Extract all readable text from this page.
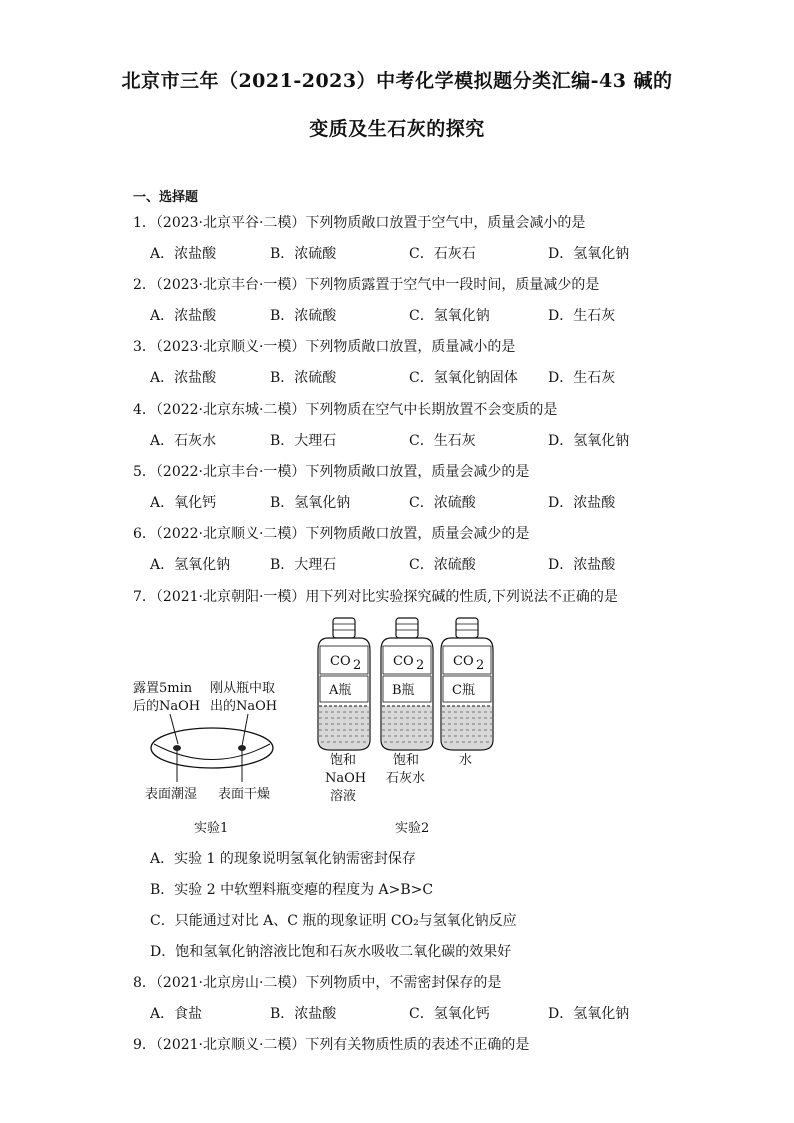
北京市三年（2021-2023）中考化学模拟题分类汇编-43 碱的
变质及生石灰的探究
一、选择题
1．（2023·北京平谷·二模）下列物质敞口放置于空气中，质量会减小的是
A．浓盐酸	B．浓硫酸	C．石灰石	D．氢氧化钠
2．（2023·北京丰台·一模）下列物质露置于空气中一段时间，质量减少的是
A．浓盐酸	B．浓硫酸	C．氢氧化钠	D．生石灰
3．（2023·北京顺义·一模）下列物质敞口放置，质量减小的是
A．浓盐酸	B．浓硫酸	C．氢氧化钠固体 D．生石灰
4．（2022·北京东城·二模）下列物质在空气中长期放置不会变质的是
A．石灰水	B．大理石	C．生石灰	D．氢氧化钠
5．（2022·北京丰台·一模）下列物质敞口放置，质量会减少的是
A．氧化钙	B．氢氧化钠	C．浓硫酸	D．浓盐酸
6．（2022·北京顺义·二模）下列物质敞口放置，质量会减少的是
A．氢氧化钠	B．大理石	C．浓硫酸	D．浓盐酸
7．（2021·北京朝阳·一模）用下列对比实验探究碱的性质,下列说法不正确的是
露置5min
后的NaOH
刚从瓶中取
出的NaOH
表面潮湿 表面干燥
实验1
CO 2
A瓶
饱和
NaOH
溶液
CO 2
B瓶
饱和
石灰水
CO 2
C瓶
水
实验2
A．实验 1 的现象说明氢氧化钠需密封保存
B．实验 2 中软塑料瓶变瘪的程度为 A>B>C
C．只能通过对比 A、C 瓶的现象证明 CO₂与氢氧化钠反应
D．饱和氢氧化钠溶液比饱和石灰水吸收二氧化碳的效果好
8．（2021·北京房山·二模）下列物质中，不需密封保存的是
A．食盐	B．浓盐酸	C．氢氧化钙	D．氢氧化钠
9．（2021·北京顺义·二模）下列有关物质性质的表述不正确的是
